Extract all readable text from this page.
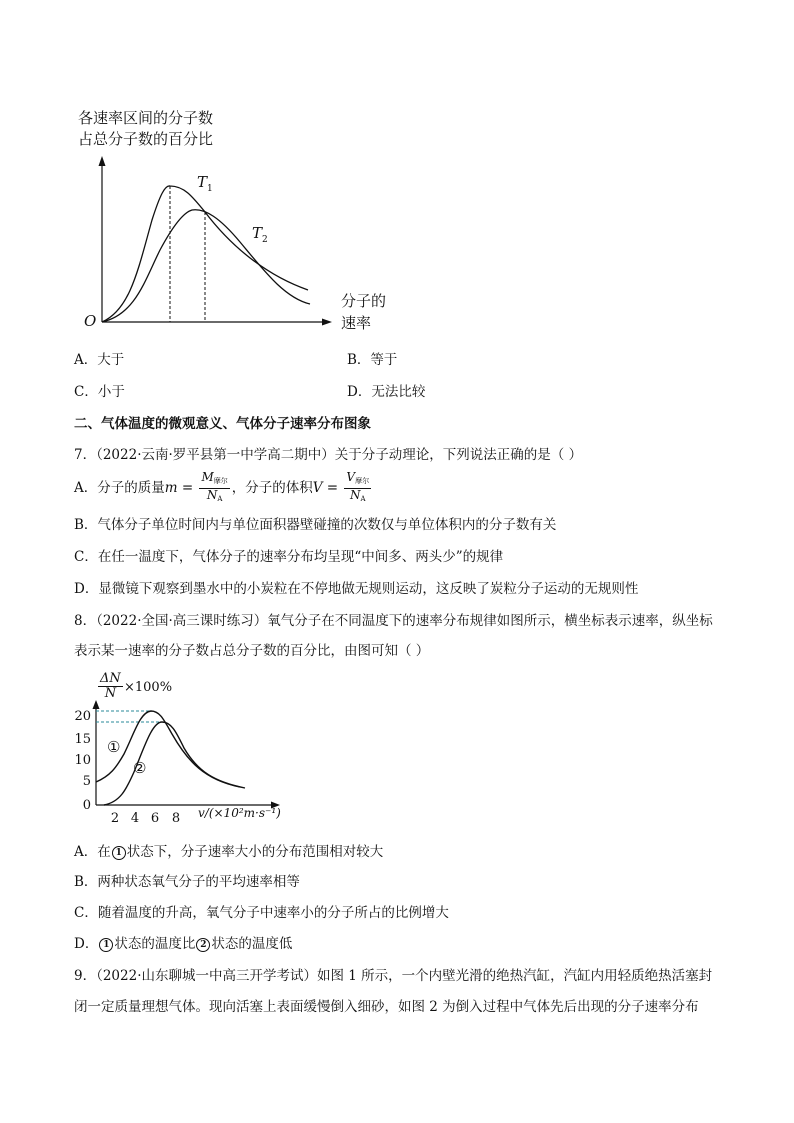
各速率区间的分子数
占总分子数的百分比
$T_1$
$T_2$
O
分子的
速率
A．大于	B．等于
C．小于	D．无法比较
二、气体温度的微观意义、气体分子速率分布图象
7．（2022·云南·罗平县第一中学高二期中）关于分子动理论，下列说法正确的是（ ）
A．分子的质量$m = \frac{M_{摩尔}}{N_A}$ ，分子的体积$V = \frac{V_{摩尔}}{N_A}$
B．气体分子单位时间内与单位面积器壁碰撞的次数仅与单位体积内的分子数有关
C．在任一温度下，气体分子的速率分布均呈现“中间多、两头少”的规律
D．显微镜下观察到墨水中的小炭粒在不停地做无规则运动，这反映了炭粒分子运动的无规则性
8．（2022·全国·高三课时练习）氧气分子在不同温度下的速率分布规律如图所示，横坐标表示速率，纵坐标
表示某一速率的分子数占总分子数的百分比，由图可知（ ）
ΔN
N ×100%
20
15
10
5
0
2 4 6 8
①
②
v/(×10²m·s⁻¹)
A．在 1 状态下，分子速率大小的分布范围相对较大
B．两种状态氧气分子的平均速率相等
C．随着温度的升高，氧气分子中速率小的分子所占的比例增大
D． 1 状态的温度比 2 状态的温度低
9．（2022·山东聊城一中高三开学考试）如图 1 所示，一个内壁光滑的绝热汽缸，汽缸内用轻质绝热活塞封
闭一定质量理想气体。现向活塞上表面缓慢倒入细砂，如图 2 为倒入过程中气体先后出现的分子速率分布
